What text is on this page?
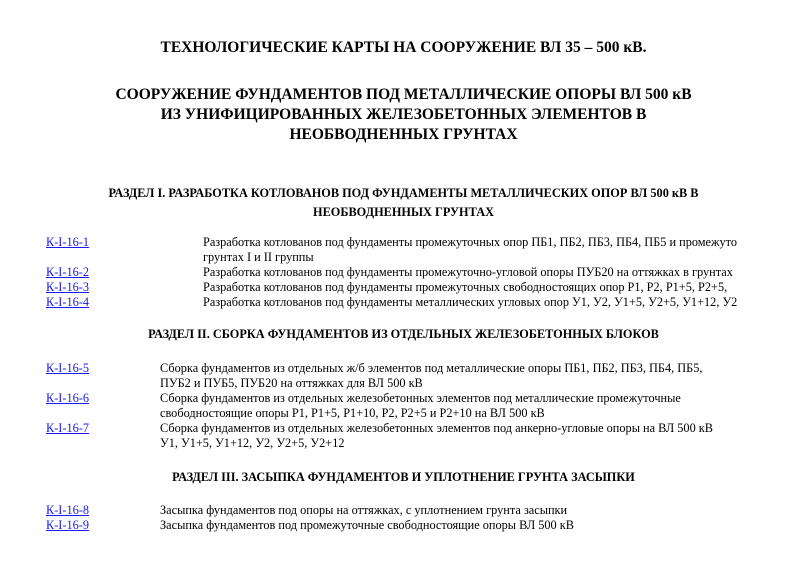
ТЕХНОЛОГИЧЕСКИЕ КАРТЫ НА СООРУЖЕНИЕ ВЛ 35 – 500 кВ.
СООРУЖЕНИЕ ФУНДАМЕНТОВ ПОД МЕТАЛЛИЧЕСКИЕ ОПОРЫ ВЛ 500 кВ
ИЗ УНИФИЦИРОВАННЫХ ЖЕЛЕЗОБЕТОННЫХ ЭЛЕМЕНТОВ В
НЕОБВОДНЕННЫХ ГРУНТАХ
РАЗДЕЛ I. РАЗРАБОТКА КОТЛОВАНОВ ПОД ФУНДАМЕНТЫ МЕТАЛЛИЧЕСКИХ ОПОР ВЛ 500 кВ В
НЕОБВОДНЕННЫХ ГРУНТАХ
К-I-16-1	Разработка котлованов под фундаменты промежуточных опор ПБ1, ПБ2, ПБ3, ПБ4, ПБ5 и промежуто
грунтах I и II группы
К-I-16-2	Разработка котлованов под фундаменты промежуточно-угловой опоры ПУБ20 на оттяжках в грунтах
К-I-16-3	Разработка котлованов под фундаменты промежуточных свободностоящих опор Р1, Р2, Р1+5, Р2+5,
К-I-16-4	Разработка котлованов под фундаменты металлических угловых опор У1, У2, У1+5, У2+5, У1+12, У2
РАЗДЕЛ II. СБОРКА ФУНДАМЕНТОВ ИЗ ОТДЕЛЬНЫХ ЖЕЛЕЗОБЕТОННЫХ БЛОКОВ
К-I-16-5	Сборка фундаментов из отдельных ж/б элементов под металлические опоры ПБ1, ПБ2, ПБ3, ПБ4, ПБ5,
ПУБ2 и ПУБ5, ПУБ20 на оттяжках для ВЛ 500 кВ
К-I-16-6	Сборка фундаментов из отдельных железобетонных элементов под металлические промежуточные
свободностоящие опоры Р1, Р1+5, Р1+10, Р2, Р2+5 и Р2+10 на ВЛ 500 кВ
К-I-16-7	Сборка фундаментов из отдельных железобетонных элементов под анкерно-угловые опоры на ВЛ 500 кВ
У1, У1+5, У1+12, У2, У2+5, У2+12
РАЗДЕЛ III. ЗАСЫПКА ФУНДАМЕНТОВ И УПЛОТНЕНИЕ ГРУНТА ЗАСЫПКИ
К-I-16-8	Засыпка фундаментов под опоры на оттяжках, с уплотнением грунта засыпки
К-I-16-9	Засыпка фундаментов под промежуточные свободностоящие опоры ВЛ 500 кВ
